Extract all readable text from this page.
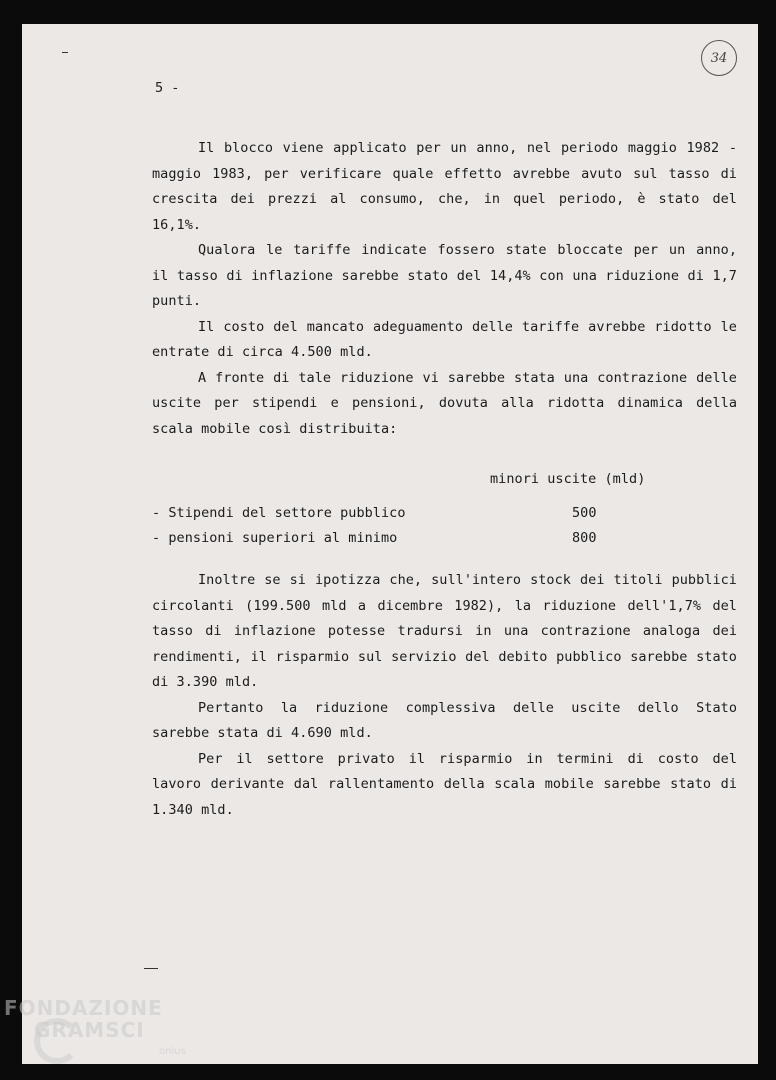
34
5 -

Il blocco viene applicato per un anno, nel periodo maggio 1982 - maggio 1983, per verificare quale effetto avrebbe avuto sul tasso di crescita dei prezzi al consumo, che, in quel periodo, è stato del 16,1%.

Qualora le tariffe indicate fossero state bloccate per un anno, il tasso di inflazione sarebbe stato del 14,4% con una riduzione di 1,7 punti.

Il costo del mancato adeguamento delle tariffe avrebbe ridotto le entrate di circa 4.500 mld.

A fronte di tale riduzione vi sarebbe stata una contrazione delle uscite per stipendi e pensioni, dovuta alla ridotta dinamica della scala mobile così distribuita:

minori uscite (mld)
- Stipendi del settore pubblico	500
- pensioni superiori al minimo	800

Inoltre se si ipotizza che, sull'intero stock dei titoli pubblici circolanti (199.500 mld a dicembre 1982), la riduzione dell'1,7% del tasso di inflazione potesse tradursi in una contrazione analoga dei rendimenti, il risparmio sul servizio del debito pubblico sarebbe stato di 3.390 mld.

Pertanto la riduzione complessiva delle uscite dello Stato sarebbe stata di 4.690 mld.

Per il settore privato il risparmio in termini di costo del lavoro derivante dal rallentamento della scala mobile sarebbe stato di 1.340 mld.

FONDAZIONE
GRAMSCI
onlus
